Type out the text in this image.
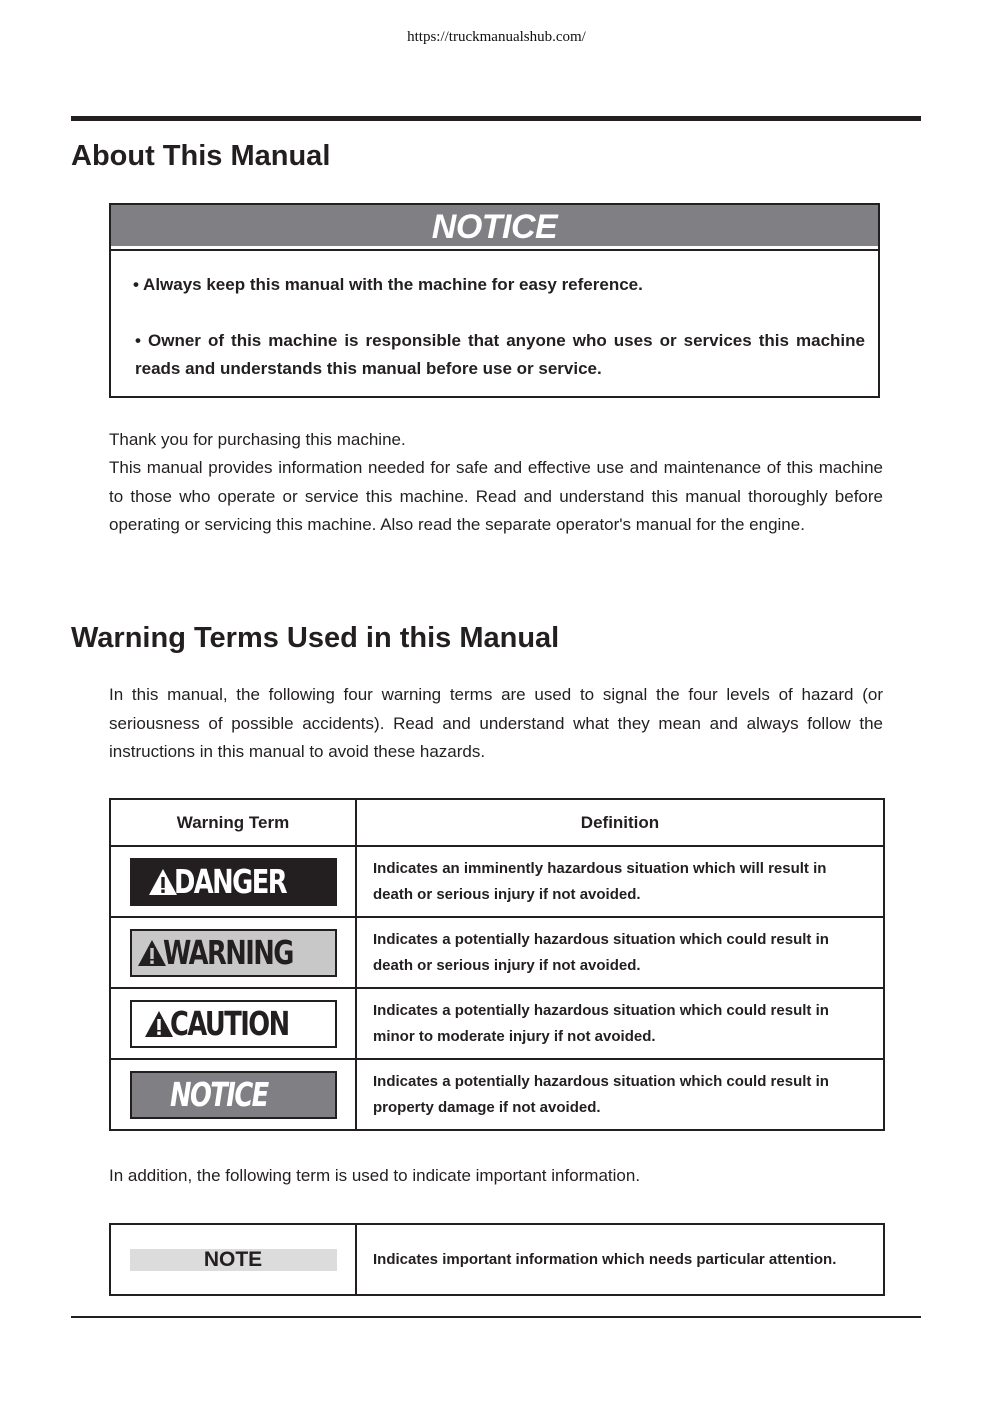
https://truckmanualshub.com/
About This Manual
NOTICE
• Always keep this manual with the machine for easy reference.
• Owner of this machine is responsible that anyone who uses or services this machine reads and understands this manual before use or service.

Thank you for purchasing this machine.

This manual provides information needed for safe and effective use and maintenance of this machine to those who operate or service this machine. Read and understand this manual thoroughly before operating or servicing this machine. Also read the separate operator's manual for the engine.

Warning Terms Used in this Manual

In this manual, the following four warning terms are used to signal the four levels of hazard (or seriousness of possible accidents). Read and understand what they mean and always follow the instructions in this manual to avoid these hazards.

Warning Term	Definition

DANGER	Indicates an imminently hazardous situation which will result in death or serious injury if not avoided.

WARNING	Indicates a potentially hazardous situation which could result in death or serious injury if not avoided.

CAUTION	Indicates a potentially hazardous situation which could result in minor to moderate injury if not avoided.

NOTICE	Indicates a potentially hazardous situation which could result in property damage if not avoided.

In addition, the following term is used to indicate important information.

NOTE	Indicates important information which needs particular attention.
